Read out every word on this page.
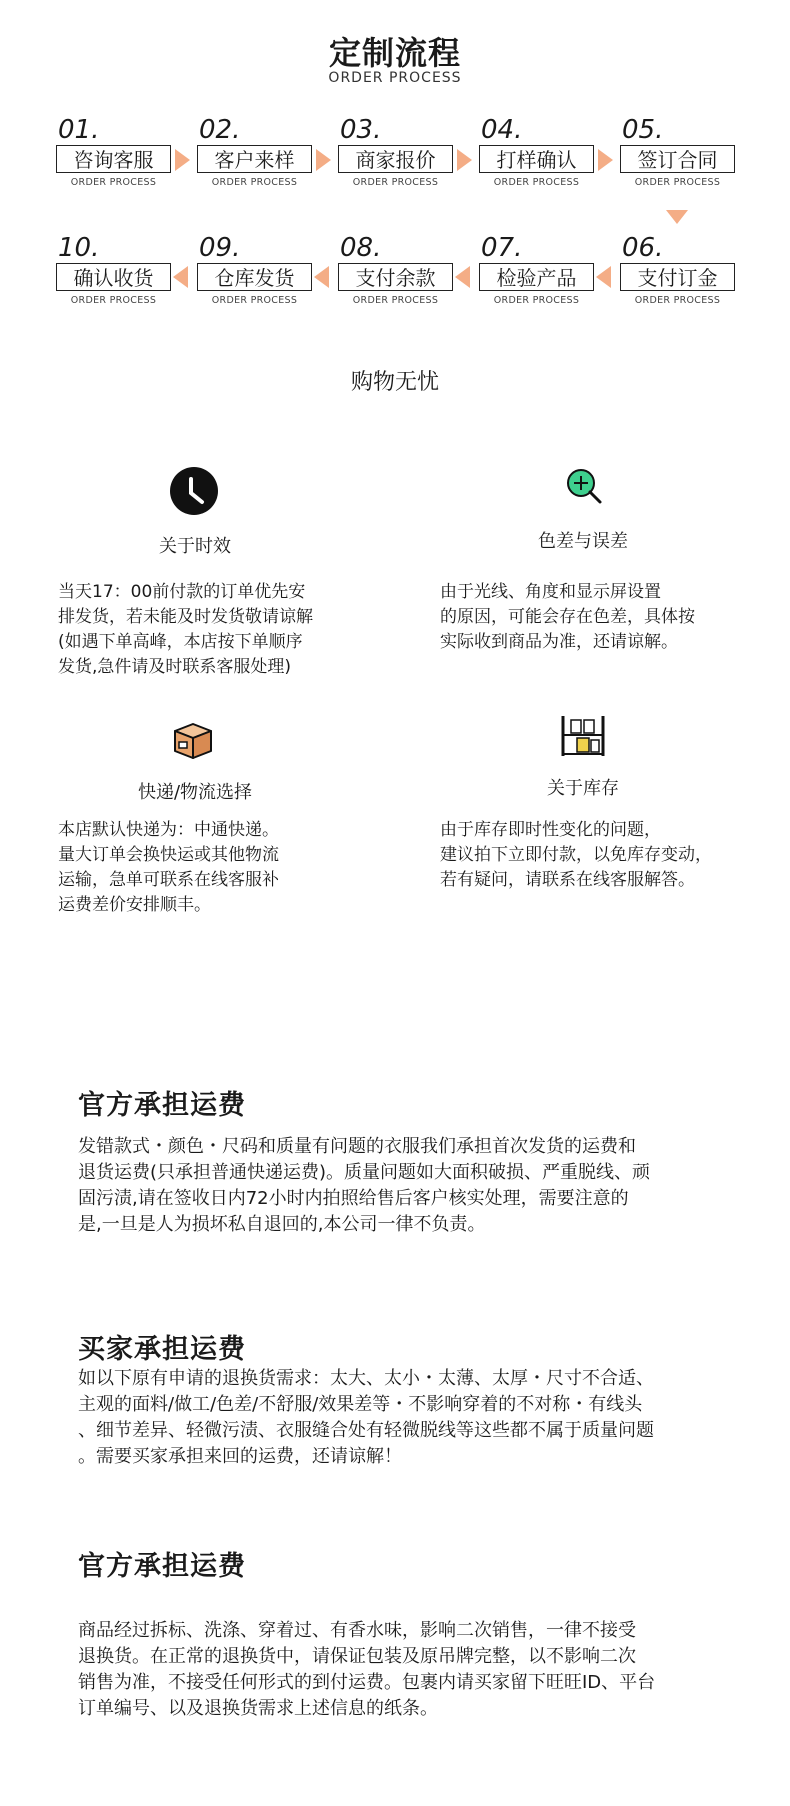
定制流程
ORDER PROCESS
01.
咨询客服
ORDER PROCESS
02.
客户来样
ORDER PROCESS
03.
商家报价
ORDER PROCESS
04.
打样确认
ORDER PROCESS
05.
签订合同
ORDER PROCESS
10.
确认收货
ORDER PROCESS
09.
仓库发货
ORDER PROCESS
08.
支付余款
ORDER PROCESS
07.
检验产品
ORDER PROCESS
06.
支付订金
ORDER PROCESS
购物无忧
关于时效
当天17：00前付款的订单优先安
排发货，若未能及时发货敬请谅解
(如遇下单高峰，本店按下单顺序
发货,急件请及时联系客服处理)
色差与误差
由于光线、角度和显示屏设置
的原因，可能会存在色差，具体按
实际收到商品为准，还请谅解。
快递/物流选择
本店默认快递为：中通快递。
量大订单会换快运或其他物流
运输，急单可联系在线客服补
运费差价安排顺丰。
关于库存
由于库存即时性变化的问题，
建议拍下立即付款，以免库存变动，
若有疑问，请联系在线客服解答。
官方承担运费
发错款式・颜色・尺码和质量有问题的衣服我们承担首次发货的运费和
退货运费(只承担普通快递运费)。质量问题如大面积破损、严重脱线、顽
固污渍,请在签收日内72小时内拍照给售后客户核实处理，需要注意的
是,一旦是人为损坏私自退回的,本公司一律不负责。
买家承担运费
如以下原有申请的退换货需求：太大、太小・太薄、太厚・尺寸不合适、
主观的面料/做工/色差/不舒服/效果差等・不影响穿着的不对称・有线头
、细节差异、轻微污渍、衣服缝合处有轻微脱线等这些都不属于质量问题
。需要买家承担来回的运费，还请谅解！
官方承担运费
商品经过拆标、洗涤、穿着过、有香水味，影响二次销售，一律不接受
退换货。在正常的退换货中，请保证包装及原吊牌完整，以不影响二次
销售为准，不接受任何形式的到付运费。包裹内请买家留下旺旺ID、平台
订单编号、以及退换货需求上述信息的纸条。
